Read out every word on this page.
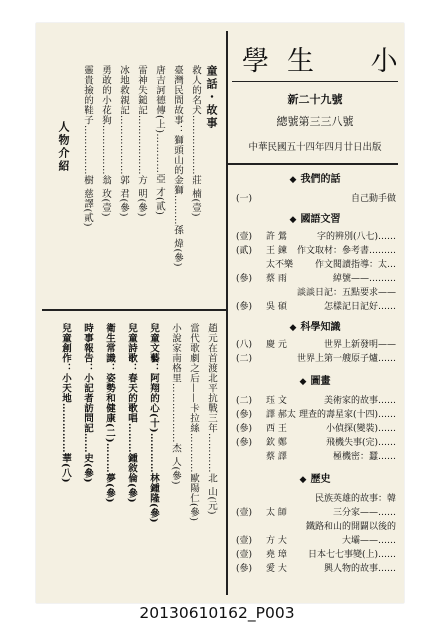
學生 小
新二十九號
總號第三三八號
中華民國五十四年四月廿日出版
童話・故事
救人的名犬………………莊 楠(壹)
臺灣民間故事：獅頭山的金獅………孫 煒(參)
唐吉訶德傳(上)…………亞 才(貳)
雷神失鎚記………………方 明(參)
冰地救親記………………郭 君(參)
勇敢的小花狗……………翁 玫(壹)
靈貴撿的鞋子……………樹 慈譯(貳)
人物介紹
趙元在首渡北平抗戰三年…………北 山(元)
當代歌劇之后——卡拉絲…………歐陽仁(參)
小說家南格里………………杰 人(參)
兒童文藝：阿翔的心(十)…………林鍾隆(參)
兒童詩歌：春天的歌唱………鍾敘倫(參)
衛生常識：姿勢和健康(二)………夢(參)
時事報告：小記者訪問記……史(參)
兒童創作：小天地……………華(八)
◆ 我們的話
(一)	自己動手做
◆ 國語文習
(壹) 許 鶯	字的辨別(八七)……
(貳) 王 鍊 作文取材：參考書………
太不樂 作文閱讀指導：太…
(參) 蔡 雨	綽號——………
談談日記：五點要求——
(參) 吳 碩	怎樣記日記好……
◆ 科學知識
(八) 慶 元	世界上新發明——
(二)	世界上第一艘原子爐……
◆ 圖畫
(二) 珏 文	美術家的故事……
(參) 譯 郝太 理查的壽星家(十四)……
(參) 西 王	小偵探(變裝)……
(參) 欽 鄭	飛機失事(完)……
蔡 譯	極機密：蠶……
◆ 歷史
民族英雄的故事：韓
(壹) 太 師	三分家——……
鐵路和山的開闢以後的
(壹) 方 大	大壩——……
(壹) 堯 璋 日本七七事變(上)……
(參) 愛 大	興人物的故事……
20130610162_P003
